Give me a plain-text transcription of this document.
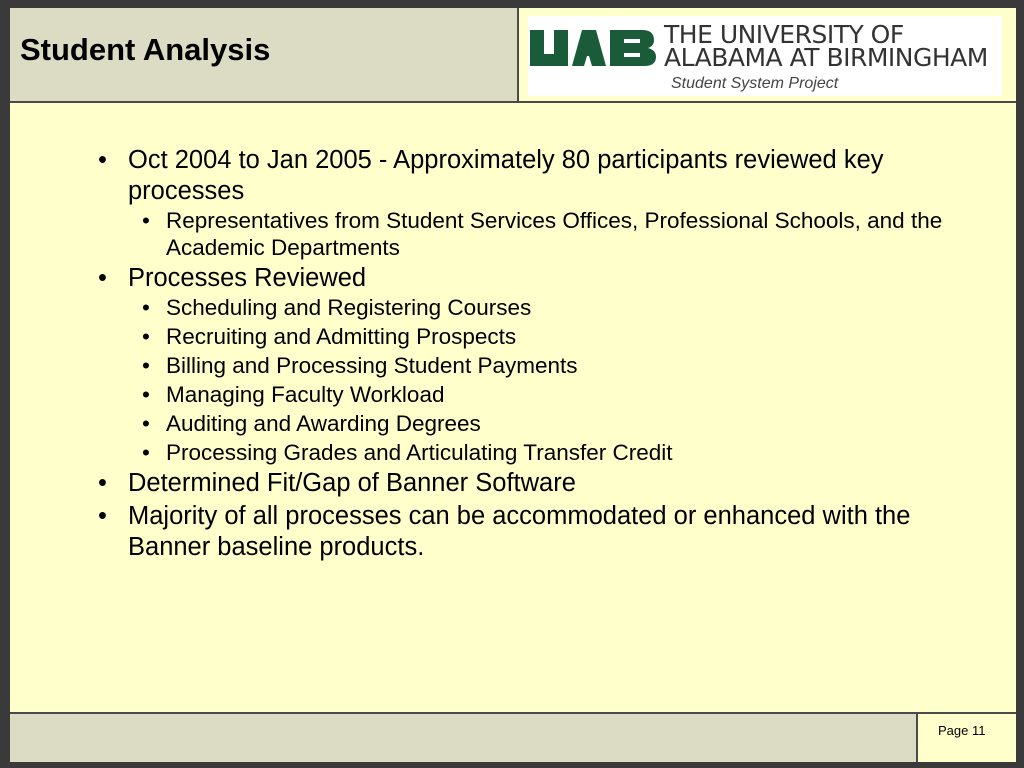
Student Analysis	THE UNIVERSITY OF
ALABAMA AT BIRMINGHAM
Student System Project
• Oct 2004 to Jan 2005 - Approximately 80 participants reviewed key processes
• Representatives from Student Services Offices, Professional Schools, and the Academic Departments
• Processes Reviewed
• Scheduling and Registering Courses
• Recruiting and Admitting Prospects
• Billing and Processing Student Payments
• Managing Faculty Workload
• Auditing and Awarding Degrees
• Processing Grades and Articulating Transfer Credit
• Determined Fit/Gap of Banner Software
• Majority of all processes can be accommodated or enhanced with the Banner baseline products.
Page 11
